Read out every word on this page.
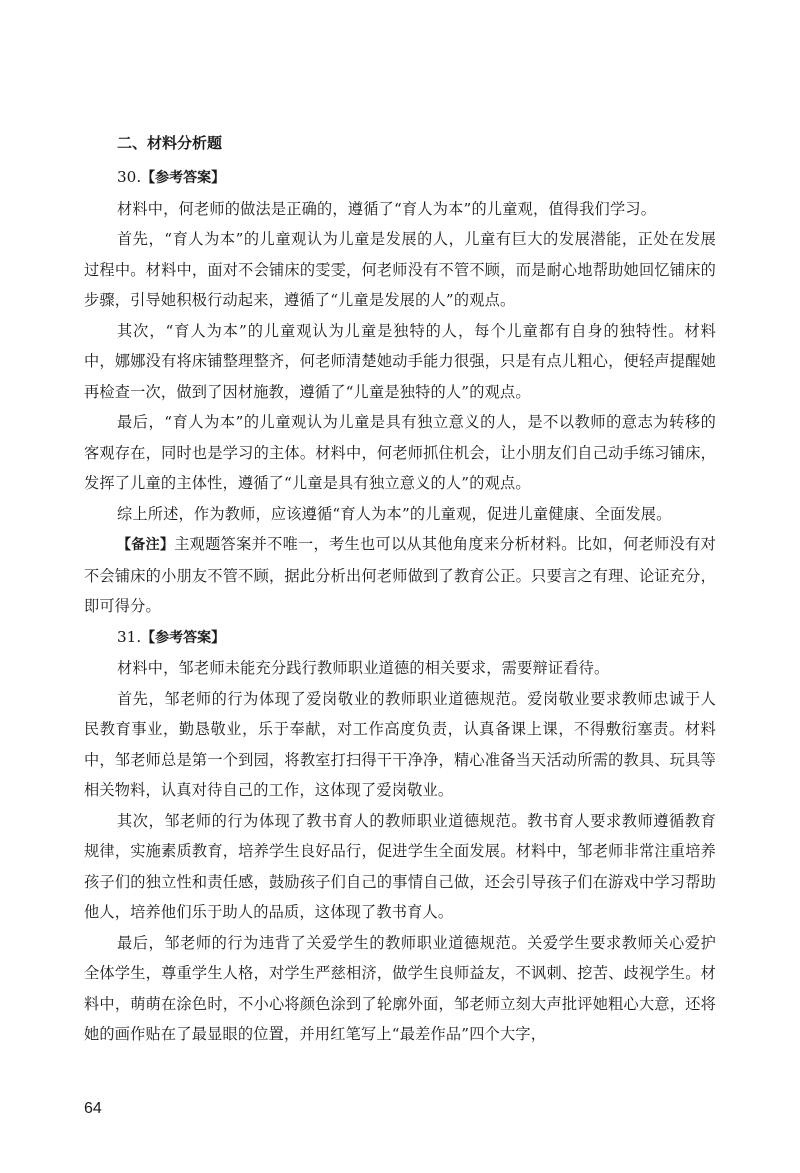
二、材料分析题

30.【参考答案】

材料中，何老师的做法是正确的，遵循了“育人为本”的儿童观，值得我们学习。

首先，“育人为本”的儿童观认为儿童是发展的人，儿童有巨大的发展潜能，正处在发展过程中。材料中，面对不会铺床的雯雯，何老师没有不管不顾，而是耐心地帮助她回忆铺床的步骤，引导她积极行动起来，遵循了“儿童是发展的人”的观点。

其次，“育人为本”的儿童观认为儿童是独特的人，每个儿童都有自身的独特性。材料中，娜娜没有将床铺整理整齐，何老师清楚她动手能力很强，只是有点儿粗心，便轻声提醒她再检查一次，做到了因材施教，遵循了“儿童是独特的人”的观点。

最后，“育人为本”的儿童观认为儿童是具有独立意义的人，是不以教师的意志为转移的客观存在，同时也是学习的主体。材料中，何老师抓住机会，让小朋友们自己动手练习铺床，发挥了儿童的主体性，遵循了“儿童是具有独立意义的人”的观点。

综上所述，作为教师，应该遵循“育人为本”的儿童观，促进儿童健康、全面发展。

【备注】主观题答案并不唯一，考生也可以从其他角度来分析材料。比如，何老师没有对不会铺床的小朋友不管不顾，据此分析出何老师做到了教育公正。只要言之有理、论证充分，即可得分。

31.【参考答案】

材料中，邹老师未能充分践行教师职业道德的相关要求，需要辩证看待。

首先，邹老师的行为体现了爱岗敬业的教师职业道德规范。爱岗敬业要求教师忠诚于人民教育事业，勤恳敬业，乐于奉献，对工作高度负责，认真备课上课，不得敷衍塞责。材料中，邹老师总是第一个到园，将教室打扫得干干净净，精心准备当天活动所需的教具、玩具等相关物料，认真对待自己的工作，这体现了爱岗敬业。

其次，邹老师的行为体现了教书育人的教师职业道德规范。教书育人要求教师遵循教育规律，实施素质教育，培养学生良好品行，促进学生全面发展。材料中，邹老师非常注重培养孩子们的独立性和责任感，鼓励孩子们自己的事情自己做，还会引导孩子们在游戏中学习帮助他人，培养他们乐于助人的品质，这体现了教书育人。

最后，邹老师的行为违背了关爱学生的教师职业道德规范。关爱学生要求教师关心爱护全体学生，尊重学生人格，对学生严慈相济，做学生良师益友，不讽刺、挖苦、歧视学生。材料中，萌萌在涂色时，不小心将颜色涂到了轮廓外面，邹老师立刻大声批评她粗心大意，还将她的画作贴在了最显眼的位置，并用红笔写上“最差作品”四个大字，

64
